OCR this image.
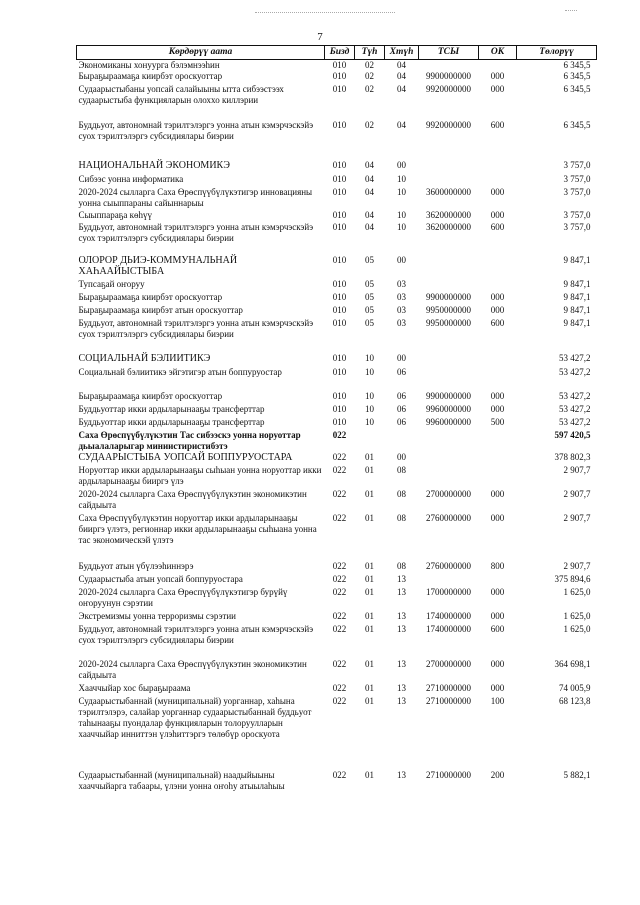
7
Көрдөрүү аата	Бизд	Түһ	Хтүһ	ТСЫ	ОК	Төлорүү
Экономиканы хонуурга бэлэмнээһин	010	02	04			6 345,5
Быраҕыраамаҕа киирбэт ороскуоттар	010	02	04	9900000000	000	6 345,5
Судаарыстыбаны уопсай салайыыны ытта сибээстээх судаарыстыба функцияларын олоххо киллэрии	010	02	04	9920000000	000	6 345,5
Буддьуот, автономнай тэрилтэлэргэ уонна атын кэмэрчэскэйэ суох тэрилтэлэргэ субсидиялары биэрии	010	02	04	9920000000	600	6 345,5
НАЦИОНАЛЬНАЙ ЭКОНОМИКЭ	010	04	00			3 757,0
Сибээс уонна информатика	010	04	10			3 757,0
2020-2024 сылларга Саха Өрөспүүбүлүкэтигэр инновацияны уонна сыыппараны сайыннарыы	010	04	10	3600000000	000	3 757,0
Сыыппараҕа көһүү	010	04	10	3620000000	000	3 757,0
Буддьуот, автономнай тэрилтэлэргэ уонна атын кэмэрчэскэйэ суох тэрилтэлэргэ субсидиялары биэрии	010	04	10	3620000000	600	3 757,0
ОЛОРОР ДЬИЭ-КОММУНАЛЬНАЙ ХАҺААЙЫСТЫБА	010	05	00			9 847,1
Тупсаҕай оҥоруу	010	05	03			9 847,1
Быраҕыраамаҕа киирбэт ороскуоттар	010	05	03	9900000000	000	9 847,1
Быраҕыраамаҕа киирбэт атын ороскуоттар	010	05	03	9950000000	000	9 847,1
Буддьуот, автономнай тэрилтэлэргэ уонна атын кэмэрчэскэйэ суох тэрилтэлэргэ субсидиялары биэрии	010	05	03	9950000000	600	9 847,1
СОЦИАЛЬНАЙ БЭЛИИТИКЭ	010	10	00			53 427,2
Социальнай бэлиитикэ эйгэтигэр атын боппуруостар	010	10	06			53 427,2
Быраҕыраамаҕа киирбэт ороскуоттар	010	10	06	9900000000	000	53 427,2
Буддьуоттар икки ардыларынааҕы трансферттар	010	10	06	9960000000	000	53 427,2
Буддьуоттар икки ардыларынааҕы трансферттар	010	10	06	9960000000	500	53 427,2
Саха Өрөспүүбүлүкэтин Тас сибээскэ уонна норуоттар дьыалаларыгар миниистиристибэтэ	022					597 420,5
СУДААРЫСТЫБА УОПСАЙ БОППУРУОСТАРА	022	01	00			378 802,3
Норуоттар икки ардыларынааҕы сыһыан уонна норуоттар икки ардыларынааҕы бииргэ үлэ	022	01	08			2 907,7
2020-2024 сылларга Саха Өрөспүүбүлүкэтин экономикэтин сайдыыта	022	01	08	2700000000	000	2 907,7
Саха Өрөспүүбүлүкэтин норуоттар икки ардыларынааҕы бииргэ үлэтэ, регионнар икки ардыларынааҕы сыһыана уонна тас экономическэй үлэтэ	022	01	08	2760000000	000	2 907,7
Буддьуот атын үбүлээһиннэрэ	022	01	08	2760000000	800	2 907,7
Судаарыстыба атын уопсай боппуруостара	022	01	13			375 894,6
2020-2024 сылларга Саха Өрөспүүбүлүкэтигэр бурүйү оҥоруунун сэрэтии	022	01	13	1700000000	000	1 625,0
Экстремизмы уонна терроризмы сэрэтии	022	01	13	1740000000	000	1 625,0
Буддьуот, автономнай тэрилтэлэргэ уонна атын кэмэрчэскэйэ суох тэрилтэлэргэ субсидиялары биэрии	022	01	13	1740000000	600	1 625,0
2020-2024 сылларга Саха Өрөспүүбүлүкэтин экономикэтин сайдыыта	022	01	13	2700000000	000	364 698,1
Хааччыйар хос быраҕыраама	022	01	13	2710000000	000	74 005,9
Судаарыстыбаннай (муниципальнай) уорганнар, хаһына тэрилтэлэрэ, салайар уорганнар судаарыстыбаннай буддьуот таһынааҕы пуондалар функцияларын толоруулларын хааччыйар инниттэн үлэһиттэргэ төлөбүр ороскуота	022	01	13	2710000000	100	68 123,8
Судаарыстыбаннай (муниципальнай) наадыйыыны хааччыйарга табаары, үлэни уонна оҥоһу атыылаһыы	022	01	13	2710000000	200	5 882,1
